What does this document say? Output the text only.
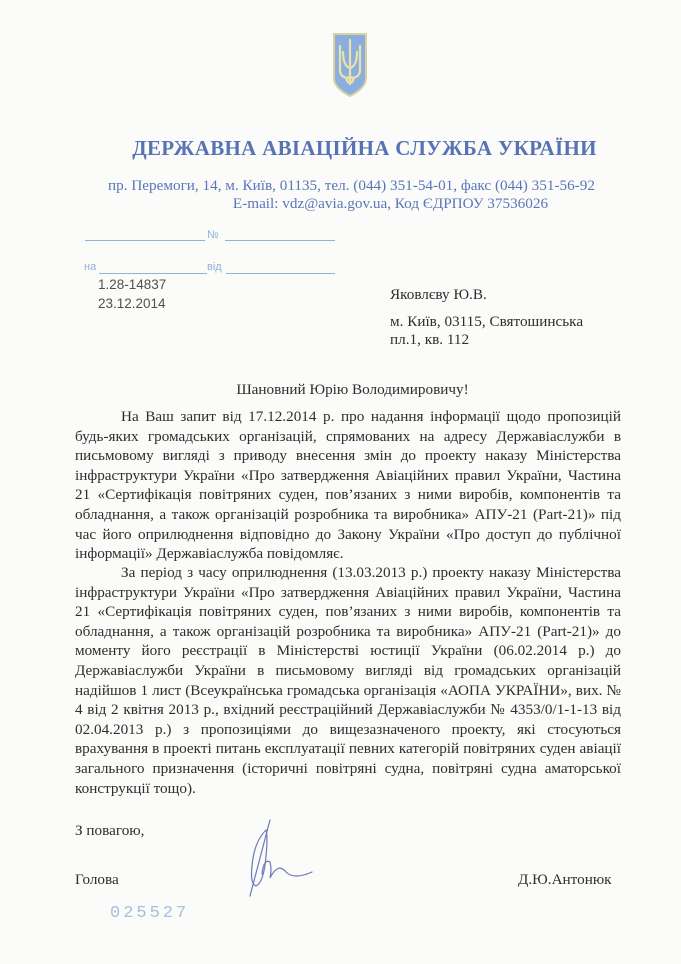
ДЕРЖАВНА АВІАЦІЙНА СЛУЖБА УКРАЇНИ
пр. Перемоги, 14, м. Київ, 01135, тел. (044) 351-54-01, факс (044) 351-56-92
E-mail: vdz@avia.gov.ua, Код ЄДРПОУ 37536026
№
на	від
1.28-14837
23.12.2014
Яковлєву Ю.В.
м. Київ, 03115, Святошинська
пл.1, кв. 112
Шановний Юрію Володимировичу!
На Ваш запит від 17.12.2014 р. про надання інформації щодо пропозицій будь-яких громадських організацій, спрямованих на адресу Державіаслужби в письмовому вигляді з приводу внесення змін до проекту наказу Міністерства інфраструктури України «Про затвердження Авіаційних правил України, Частина 21 «Сертифікація повітряних суден, пов’язаних з ними виробів, компонентів та обладнання, а також організацій розробника та виробника» АПУ-21 (Part-21)» під час його оприлюднення відповідно до Закону України «Про доступ до публічної інформації» Державіаслужба повідомляє.
За період з часу оприлюднення (13.03.2013 р.) проекту наказу Міністерства інфраструктури України «Про затвердження Авіаційних правил України, Частина 21 «Сертифікація повітряних суден, пов’язаних з ними виробів, компонентів та обладнання, а також організацій розробника та виробника» АПУ-21 (Part-21)» до моменту його реєстрації в Міністерстві юстиції України (06.02.2014 р.) до Державіаслужби України в письмовому вигляді від громадських організацій надійшов 1 лист (Всеукраїнська громадська організація «АОПА УКРАЇНИ», вих. № 4 від 2 квітня 2013 р., вхідний реєстраційний Державіаслужби № 4353/0/1-1-13 від 02.04.2013 р.) з пропозиціями до вищезазначеного проекту, які стосуються врахування в проекті питань експлуатації певних категорій повітряних суден авіації загального призначення (історичні повітряні судна, повітряні судна аматорської конструкції тощо).
З повагою,
Голова	Д.Ю.Антонюк
025527
